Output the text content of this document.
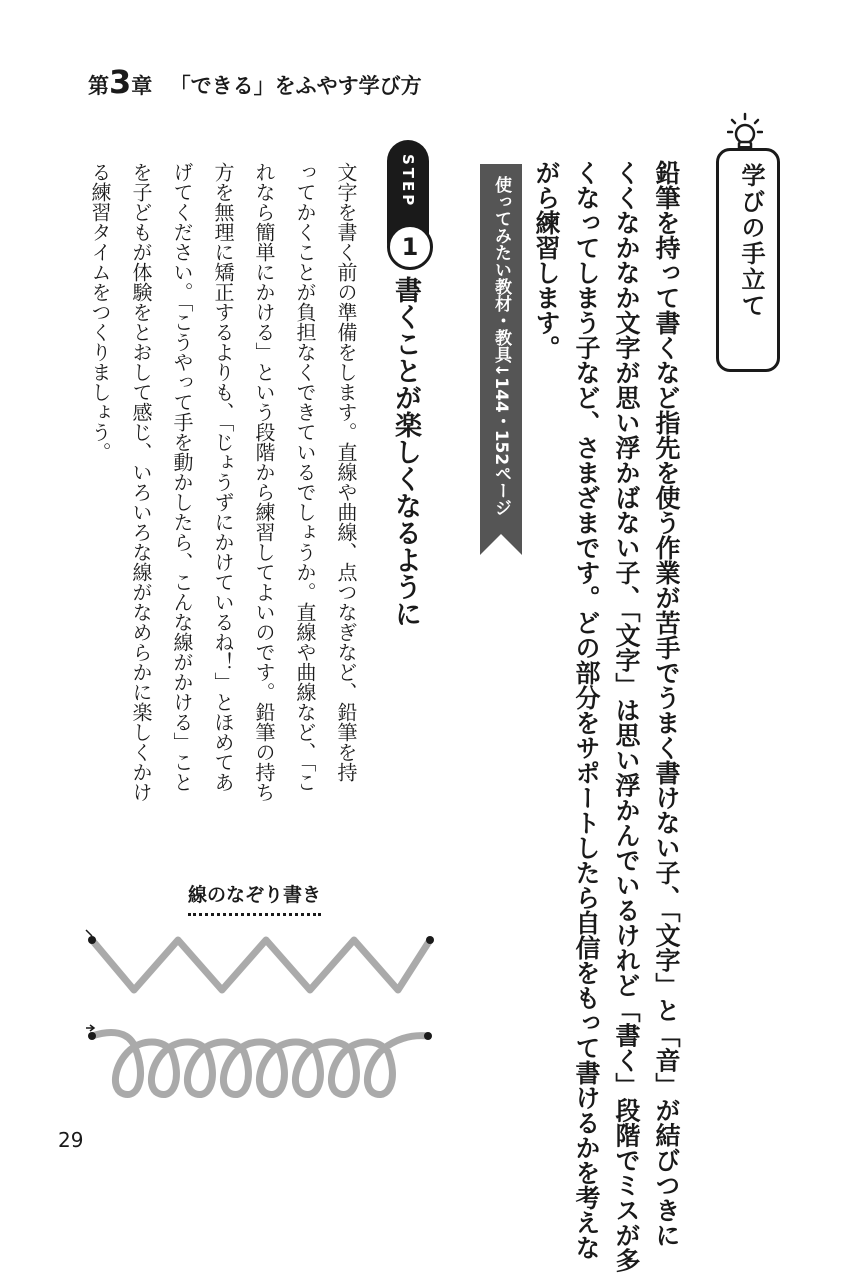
第3章 「できる」をふやす学び方
学びの手立て
鉛筆を持って書くなど指先を使う作業が苦手でうまく書けない子、「文字」と「音」が結びつきに
くくなかなか文字が思い浮かばない子、「文字」は思い浮かんでいるけれど「書く」段階でミスが多
くなってしまう子など、さまざまです。どの部分をサポートしたら自信をもって書けるかを考えな
がら練習します。
使ってみたい教材・教具↓144・152ページ
STEP
1
書くことが楽しくなるように
文字を書く前の準備をします。直線や曲線、点つなぎなど、鉛筆を持
ってかくことが負担なくできているでしょうか。直線や曲線など、「こ
れなら簡単にかける」という段階から練習してよいのです。鉛筆の持ち
方を無理に矯正するよりも、「じょうずにかけているね！」とほめてあ
げてください。「こうやって手を動かしたら、こんな線がかける」こと
を子どもが体験をとおして感じ、いろいろな線がなめらかに楽しくかけ
る練習タイムをつくりましょう。
線のなぞり書き
29
